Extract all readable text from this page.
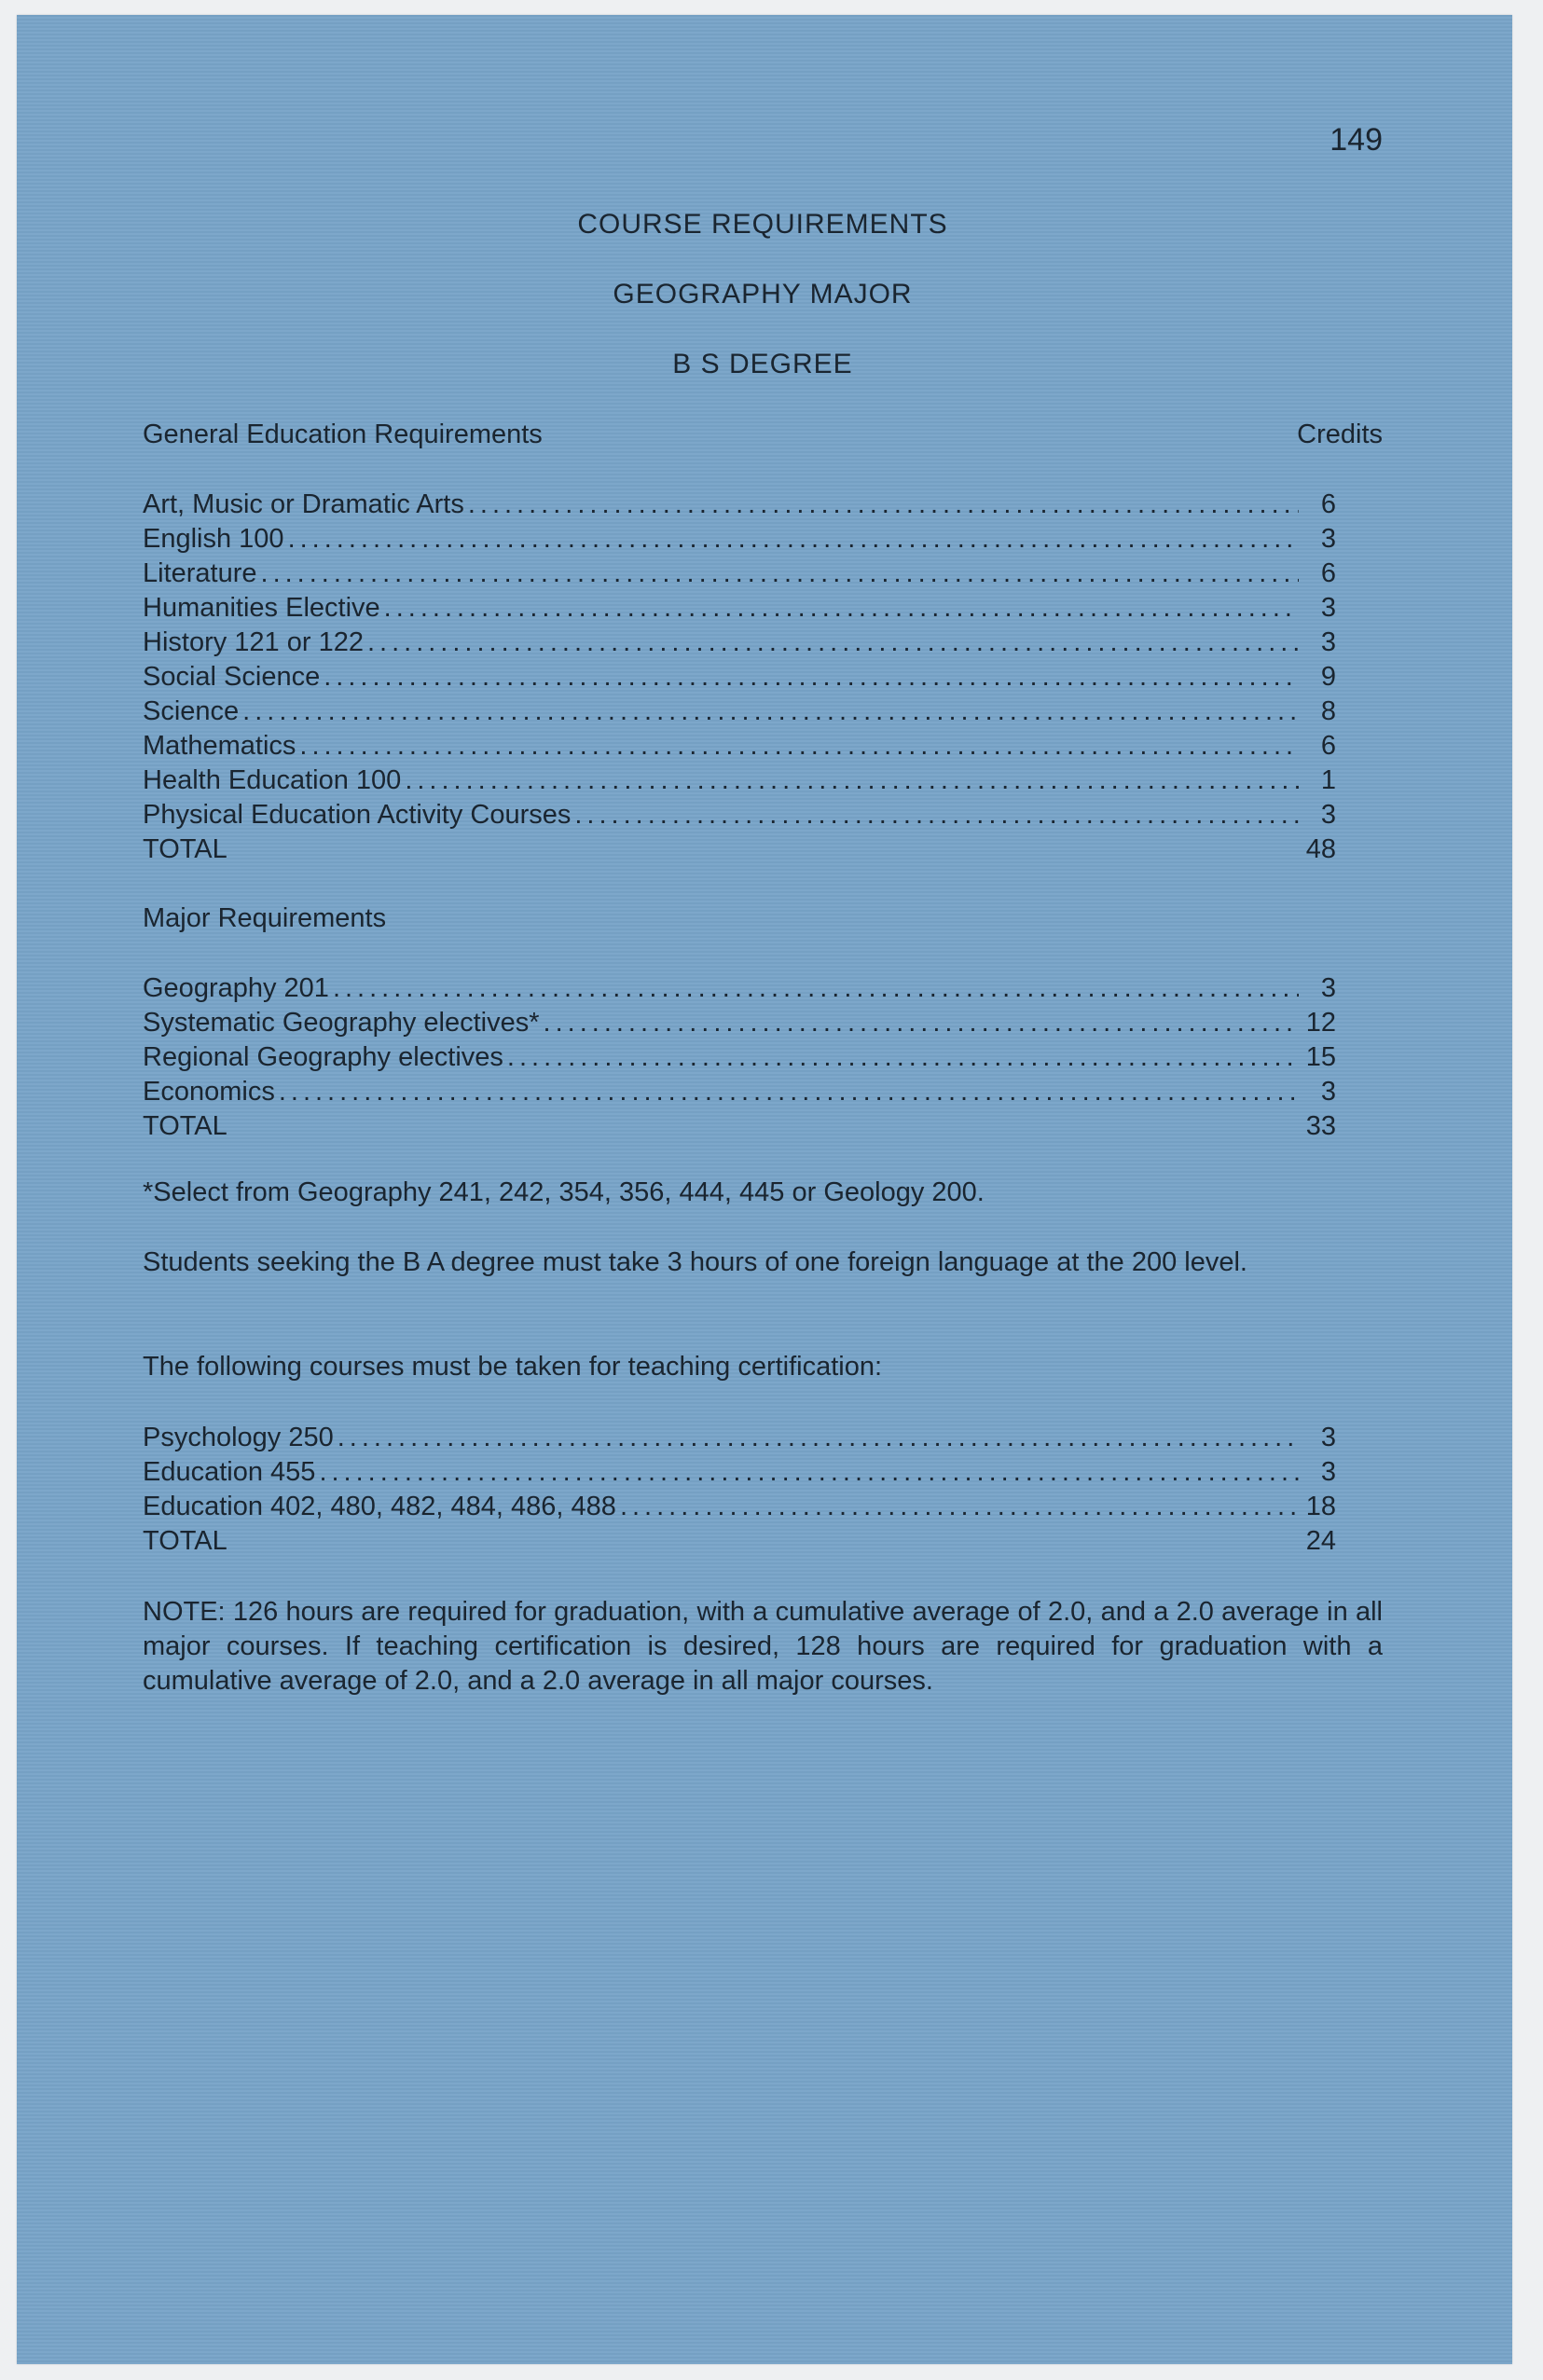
149
COURSE REQUIREMENTS
GEOGRAPHY MAJOR
B S DEGREE
General Education Requirements	Credits
Art, Music or Dramatic Arts .....	6
English 100 .....	3
Literature .....	6
Humanities Elective .....	3
History 121 or 122 .....	3
Social Science .....	9
Science .....	8
Mathematics .....	6
Health Education 100 .....	1
Physical Education Activity Courses .....	3
TOTAL	48
Major Requirements
Geography 201 .....	3
Systematic Geography electives* .....	12
Regional Geography electives .....	15
Economics .....	3
TOTAL	33
*Select from Geography 241, 242, 354, 356, 444, 445 or Geology 200.
Students seeking the B A degree must take 3 hours of one foreign language at the 200 level.
The following courses must be taken for teaching certification:
Psychology 250 .....	3
Education 455 .....	3
Education 402, 480, 482, 484, 486, 488 .....	18
TOTAL	24
NOTE: 126 hours are required for graduation, with a cumulative average of 2.0, and a 2.0 average in all major courses. If teaching certification is desired, 128 hours are required for graduation with a cumulative average of 2.0, and a 2.0 average in all major courses.
